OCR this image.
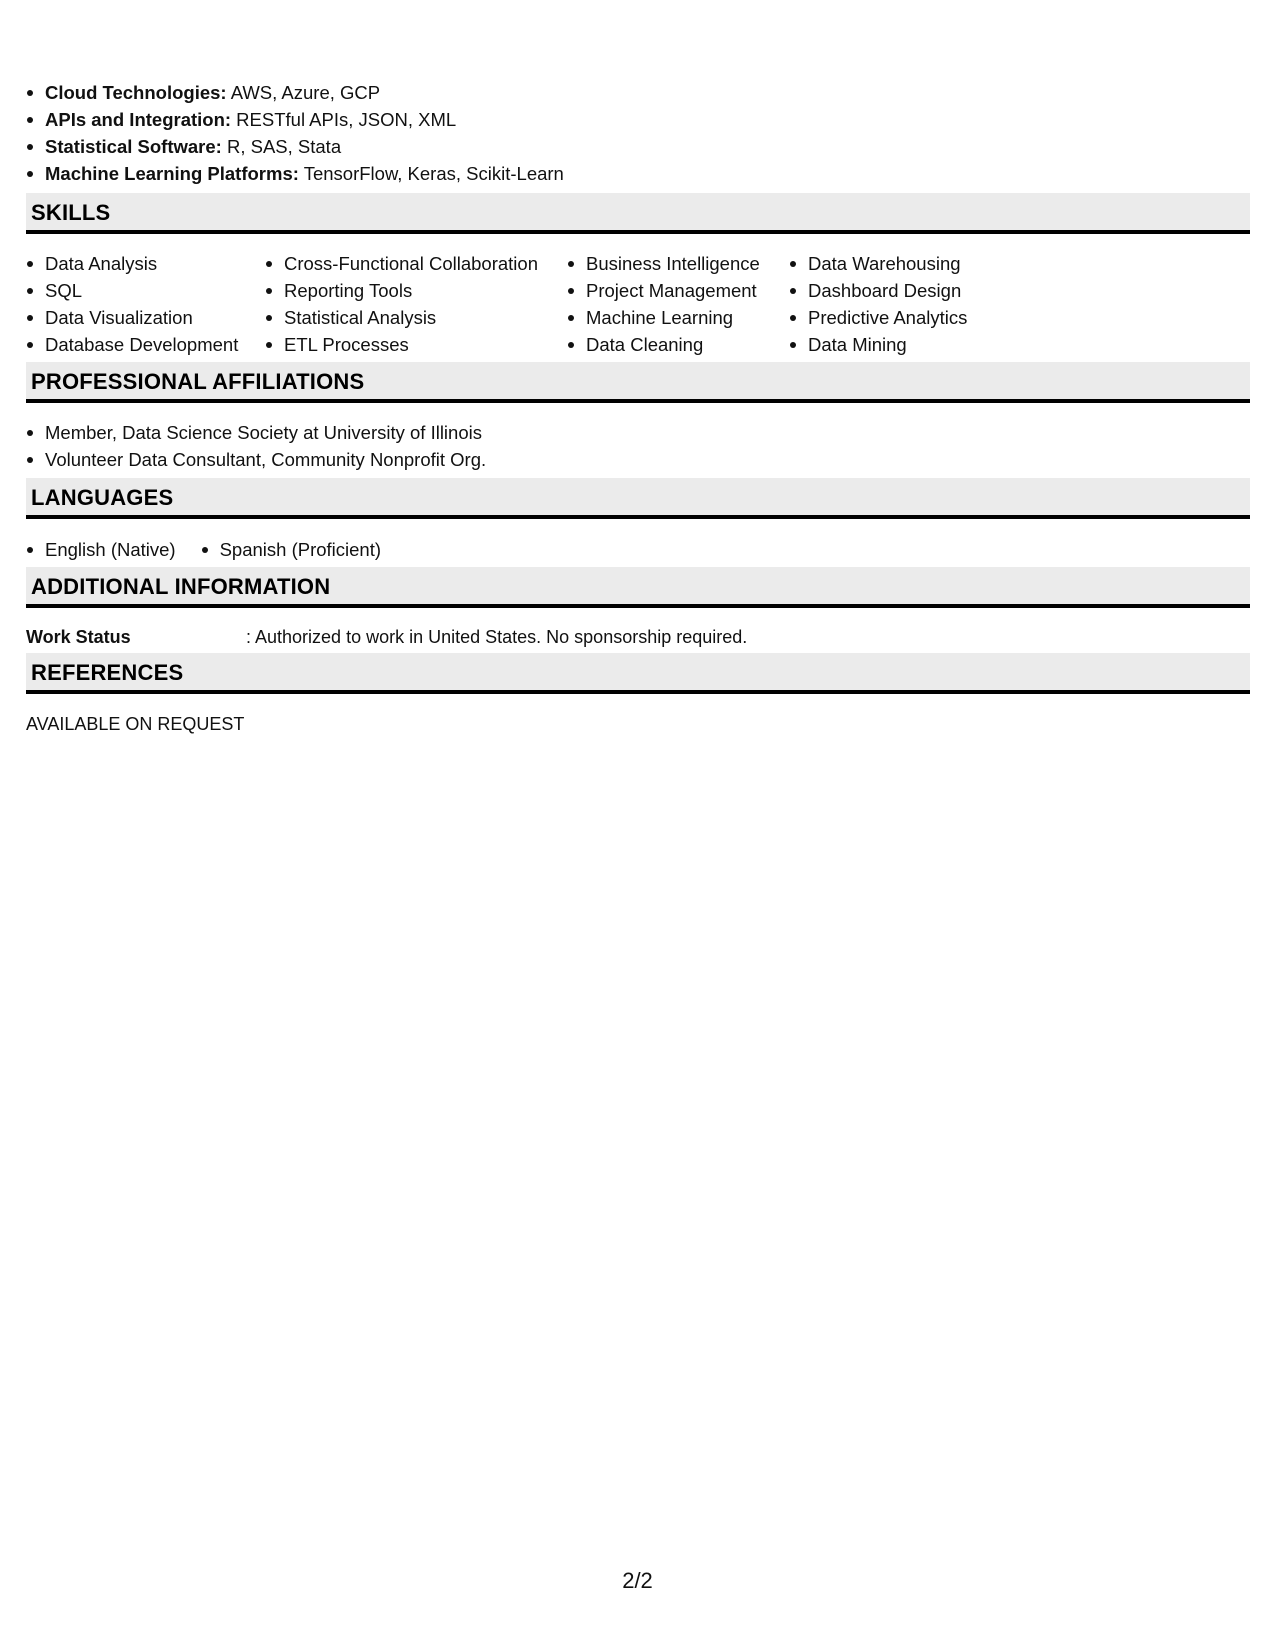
Cloud Technologies: AWS, Azure, GCP
APIs and Integration: RESTful APIs, JSON, XML
Statistical Software: R, SAS, Stata
Machine Learning Platforms: TensorFlow, Keras, Scikit-Learn
SKILLS
Data Analysis
SQL
Data Visualization
Database Development
Cross-Functional Collaboration
Reporting Tools
Statistical Analysis
ETL Processes
Business Intelligence
Project Management
Machine Learning
Data Cleaning
Data Warehousing
Dashboard Design
Predictive Analytics
Data Mining
PROFESSIONAL AFFILIATIONS
Member, Data Science Society at University of Illinois
Volunteer Data Consultant, Community Nonprofit Org.
LANGUAGES
English (Native)	Spanish (Proficient)
ADDITIONAL INFORMATION
Work Status	: Authorized to work in United States. No sponsorship required.
REFERENCES
AVAILABLE ON REQUEST
2/2
